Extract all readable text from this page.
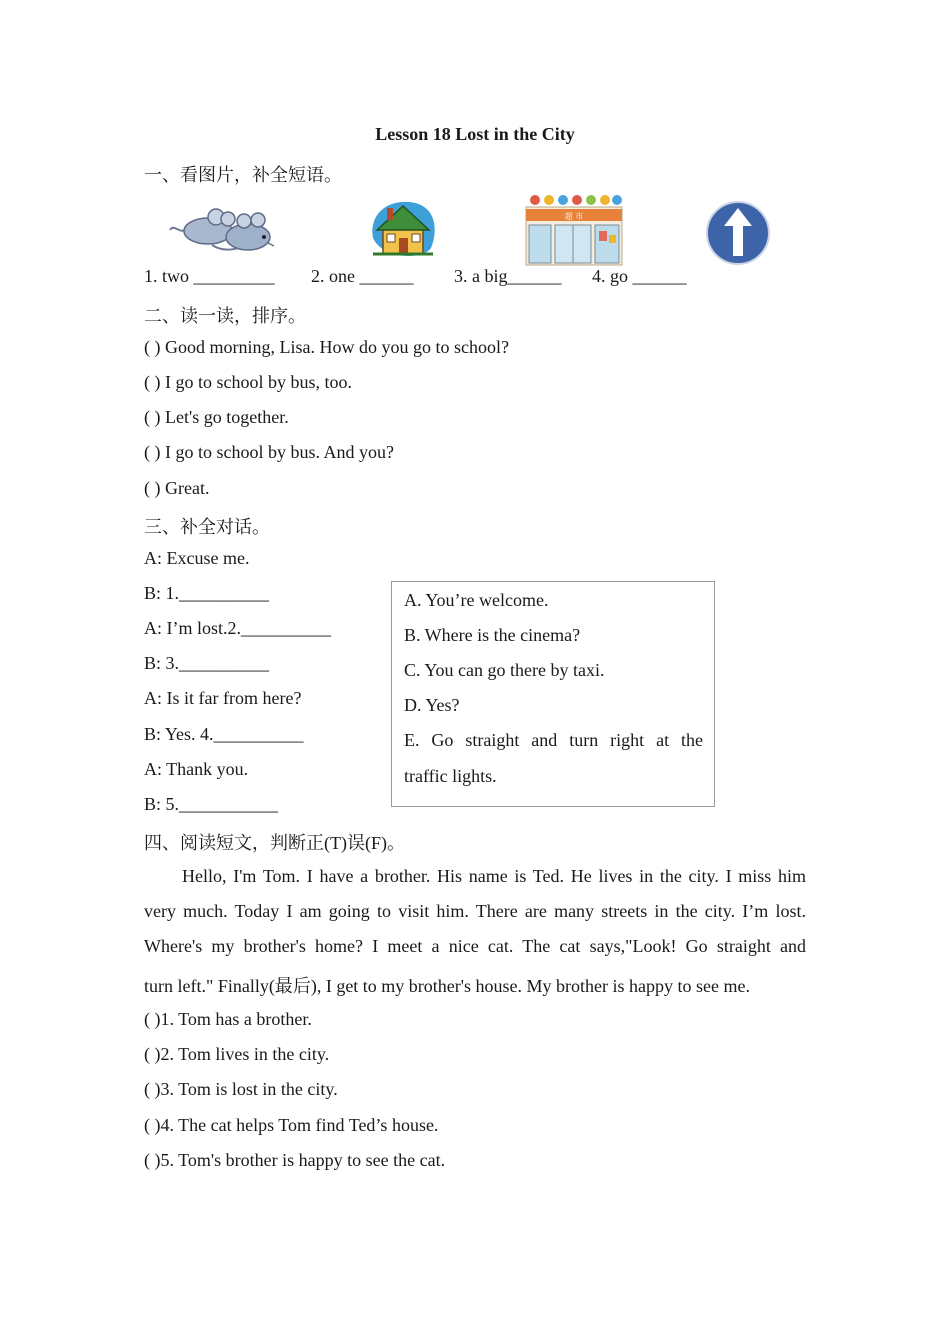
Lesson 18 Lost in the City
一、看图片，补全短语。
超 市
1. two _________ 2. one ______ 3. a big______ 4. go ______
二、读一读，排序。
( ) Good morning, Lisa. How do you go to school?
( ) I go to school by bus, too.
( ) Let's go together.
( ) I go to school by bus. And you?
( ) Great.
三、补全对话。
A: Excuse me.
B: 1.__________
A: I’m lost.2.__________
B: 3.__________
A: Is it far from here?
B: Yes. 4.__________
A: Thank you.
B: 5.___________
A. You’re welcome.
B. Where is the cinema?
C. You can go there by taxi.
D. Yes?
E. Go straight and turn right at the
traffic lights.
四、阅读短文，判断正(T)误(F)。
Hello, I'm Tom. I have a brother. His name is Ted. He lives in the city. I miss him
very much. Today I am going to visit him. There are many streets in the city. I’m lost.
Where's my brother's home? I meet a nice cat. The cat says,"Look! Go straight and
turn left." Finally(最后), I get to my brother's house. My brother is happy to see me.
( )1. Tom has a brother.
( )2. Tom lives in the city.
( )3. Tom is lost in the city.
( )4. The cat helps Tom find Ted’s house.
( )5. Tom's brother is happy to see the cat.
